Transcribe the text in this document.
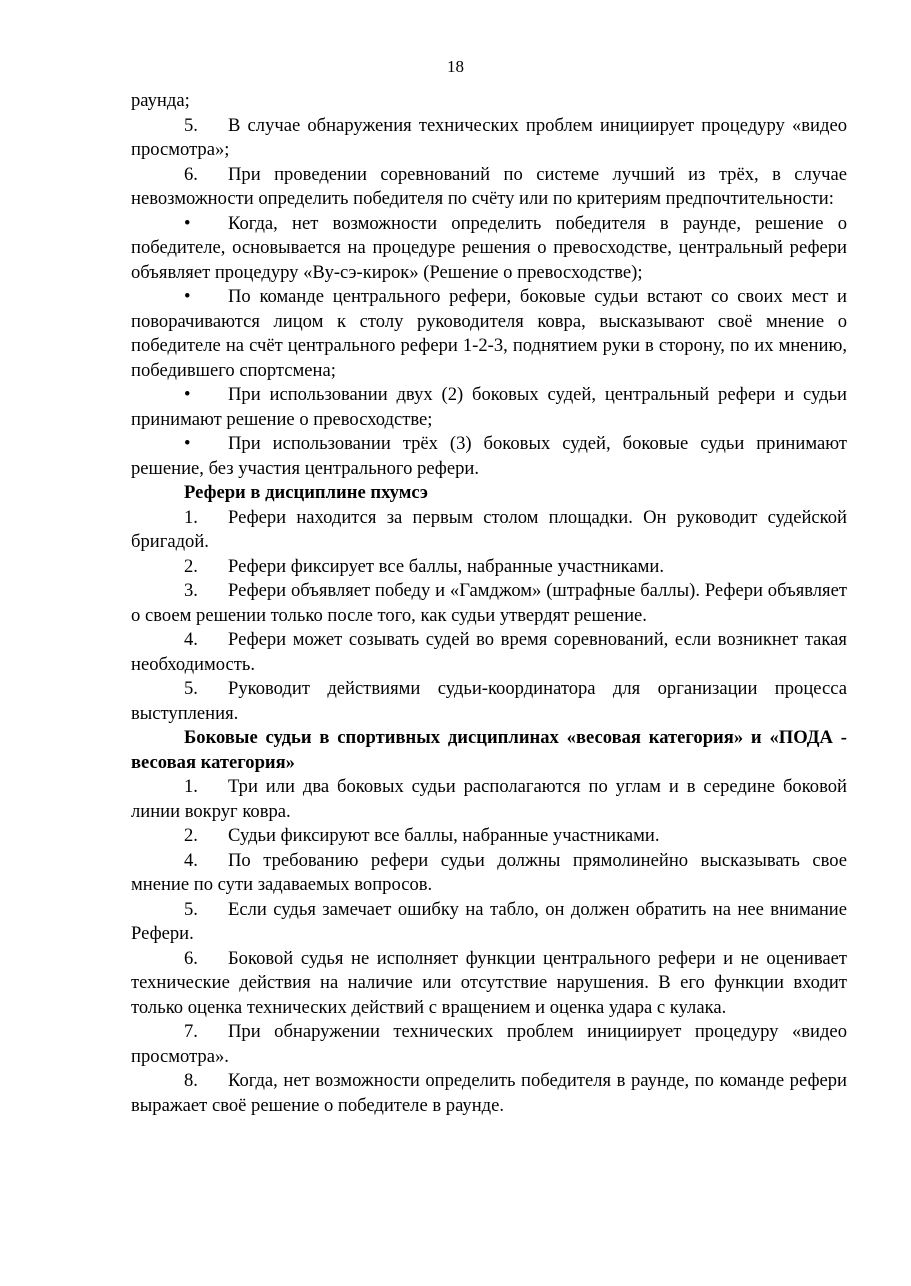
18

раунда;

5. В случае обнаружения технических проблем инициирует процедуру «видео просмотра»;

6. При проведении соревнований по системе лучший из трёх, в случае невозможности определить победителя по счёту или по критериям предпочтительности:

• Когда, нет возможности определить победителя в раунде, решение о победителе, основывается на процедуре решения о превосходстве, центральный рефери объявляет процедуру «Ву-сэ-кирок» (Решение о превосходстве);

• По команде центрального рефери, боковые судьи встают со своих мест и поворачиваются лицом к столу руководителя ковра, высказывают своё мнение о победителе на счёт центрального рефери 1-2-3, поднятием руки в сторону, по их мнению, победившего спортсмена;

• При использовании двух (2) боковых судей, центральный рефери и судьи принимают решение о превосходстве;

• При использовании трёх (3) боковых судей, боковые судьи принимают решение, без участия центрального рефери.

Рефери в дисциплине пхумсэ

1. Рефери находится за первым столом площадки. Он руководит судейской бригадой.

2. Рефери фиксирует все баллы, набранные участниками.

3. Рефери объявляет победу и «Гамджом» (штрафные баллы). Рефери объявляет о своем решении только после того, как судьи утвердят решение.

4. Рефери может созывать судей во время соревнований, если возникнет такая необходимость.

5. Руководит действиями судьи-координатора для организации процесса выступления.

Боковые судьи в спортивных дисциплинах «весовая категория» и «ПОДА - весовая категория»

1. Три или два боковых судьи располагаются по углам и в середине боковой линии вокруг ковра.

2. Судьи фиксируют все баллы, набранные участниками.

4. По требованию рефери судьи должны прямолинейно высказывать свое мнение по сути задаваемых вопросов.

5. Если судья замечает ошибку на табло, он должен обратить на нее внимание Рефери.

6. Боковой судья не исполняет функции центрального рефери и не оценивает технические действия на наличие или отсутствие нарушения. В его функции входит только оценка технических действий с вращением и оценка удара с кулака.

7. При обнаружении технических проблем инициирует процедуру «видео просмотра».

8. Когда, нет возможности определить победителя в раунде, по команде рефери выражает своё решение о победителе в раунде.
